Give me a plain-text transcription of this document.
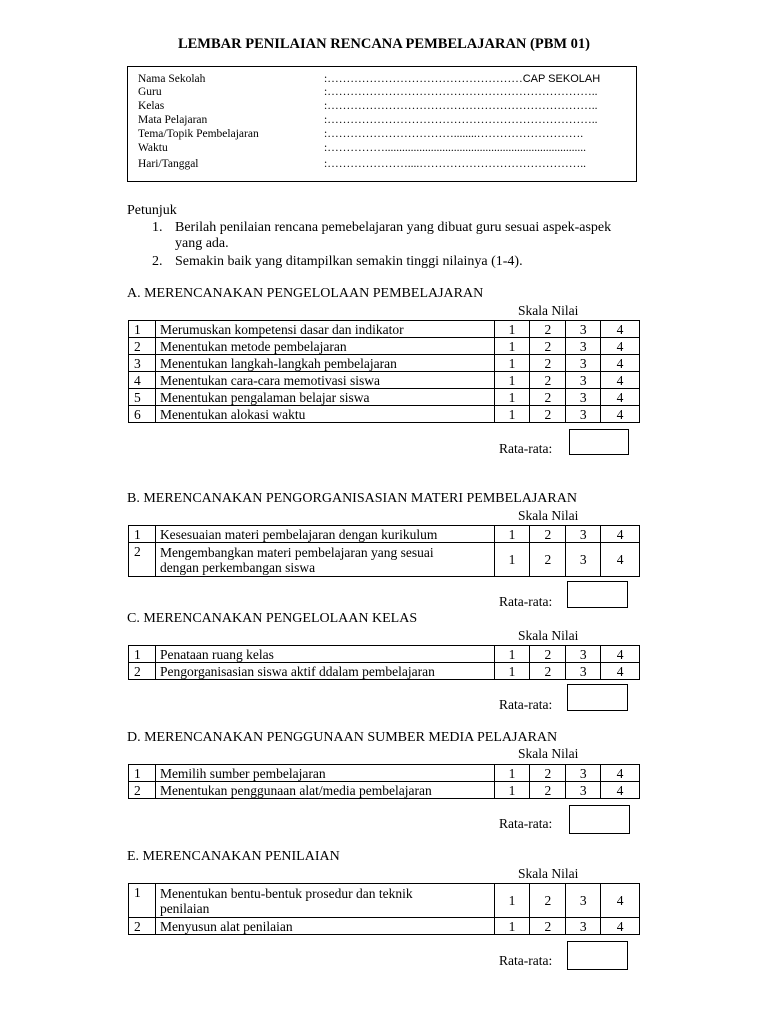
LEMBAR PENILAIAN RENCANA PEMBELAJARAN (PBM 01)
Nama Sekolah	:……………………………………………CAP SEKOLAH
Guru	:……………………………………………………………..
Kelas	:……………………………………………………………..
Mata Pelajaran	:……………………………………………………………..
Tema/Topik Pembelajaran	:……………………………........……………………….
Waktu	:……………......................................................................
Hari/Tanggal	:…………………....……………………………………..
Petunjuk
1. Berilah penilaian rencana pemebelajaran yang dibuat guru sesuai aspek-aspek
yang ada.
2. Semakin baik yang ditampilkan semakin tinggi nilainya (1-4).
A. MERENCANAKAN PENGELOLAAN PEMBELAJARAN
Skala Nilai
1	Merumuskan kompetensi dasar dan indikator	1	2	3	4
2	Menentukan metode pembelajaran	1	2	3	4
3	Menentukan langkah-langkah pembelajaran	1	2	3	4
4	Menentukan cara-cara memotivasi siswa	1	2	3	4
5	Menentukan pengalaman belajar siswa	1	2	3	4
6	Menentukan alokasi waktu	1	2	3	4
Rata-rata:
B. MERENCANAKAN PENGORGANISASIAN MATERI PEMBELAJARAN
Skala Nilai
1	Kesesuaian materi pembelajaran dengan kurikulum	1	2	3	4
2	Mengembangkan materi pembelajaran yang sesuai
dengan perkembangan siswa	1	2	3	4
Rata-rata:
C. MERENCANAKAN PENGELOLAAN KELAS
Skala Nilai
1	Penataan ruang kelas	1	2	3	4
2	Pengorganisasian siswa aktif ddalam pembelajaran	1	2	3	4
Rata-rata:
D. MERENCANAKAN PENGGUNAAN SUMBER MEDIA PELAJARAN
Skala Nilai
1	Memilih sumber pembelajaran	1	2	3	4
2	Menentukan penggunaan alat/media pembelajaran	1	2	3	4
Rata-rata:
E. MERENCANAKAN PENILAIAN
Skala Nilai
1	Menentukan bentu-bentuk prosedur dan teknik
penilaian	1	2	3	4
2	Menyusun alat penilaian	1	2	3	4
Rata-rata:
